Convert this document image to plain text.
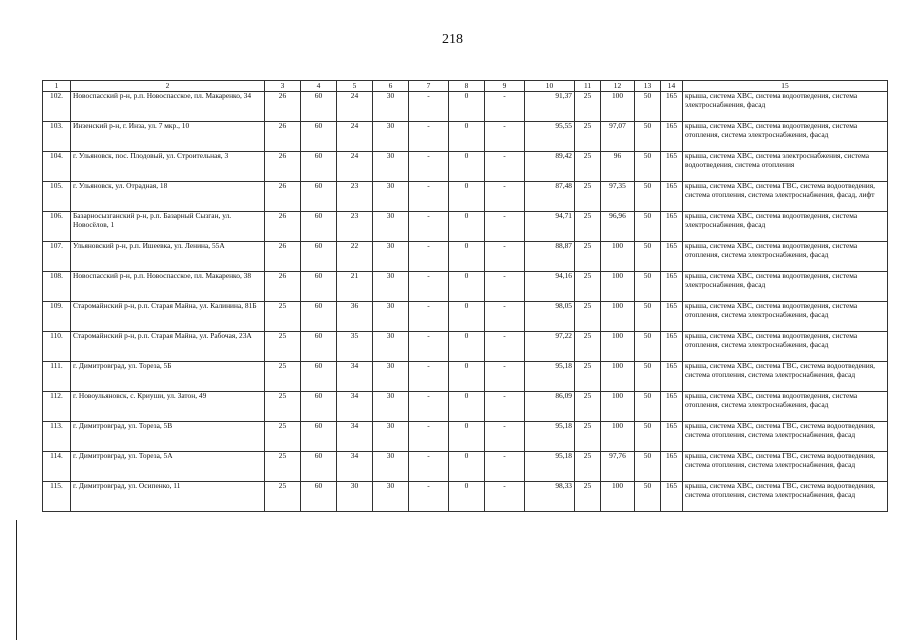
218
1	2	3	4	5	6	7	8	9	10	11	12	13	14	15
102.	Новоспасский р-н, р.п. Новоспасское, пл. Макаренко, 34	26	60	24	30	-	0	-	91,37	25	100	50	165	крыша, система ХВС, система водоотведения, система электроснабжения, фасад
103.	Инзенский р-н, г. Инза, ул. 7 мкр., 10	26	60	24	30	-	0	-	95,55	25	97,07	50	165	крыша, система ХВС, система водоотведения, система отопления, система электроснабжения, фасад
104.	г. Ульяновск, пос. Плодовый, ул. Строительная, 3	26	60	24	30	-	0	-	89,42	25	96	50	165	крыша, система ХВС, система электроснабжения, система водоотведения, система отопления
105.	г. Ульяновск, ул. Отрадная, 18	26	60	23	30	-	0	-	87,48	25	97,35	50	165	крыша, система ХВС, система ГВС, система водоотведения, система отопления, система электроснабжения, фасад, лифт
106.	Базарносызганский р-н, р.п. Базарный Сызган, ул. Новосёлов, 1	26	60	23	30	-	0	-	94,71	25	96,96	50	165	крыша, система ХВС, система водоотведения, система электроснабжения, фасад
107.	Ульяновский р-н, р.п. Ишеевка, ул. Ленина, 55А	26	60	22	30	-	0	-	88,87	25	100	50	165	крыша, система ХВС, система водоотведения, система отопления, система электроснабжения, фасад
108.	Новоспасский р-н, р.п. Новоспасское, пл. Макаренко, 38	26	60	21	30	-	0	-	94,16	25	100	50	165	крыша, система ХВС, система водоотведения, система электроснабжения, фасад
109.	Старомайнский р-н, р.п. Старая Майна, ул. Калинина, 81Б	25	60	36	30	-	0	-	98,05	25	100	50	165	крыша, система ХВС, система водоотведения, система отопления, система электроснабжения, фасад
110.	Старомайнский р-н, р.п. Старая Майна, ул. Рабочая, 23А	25	60	35	30	-	0	-	97,22	25	100	50	165	крыша, система ХВС, система водоотведения, система отопления, система электроснабжения, фасад
111.	г. Димитровград, ул. Тореза, 5Б	25	60	34	30	-	0	-	95,18	25	100	50	165	крыша, система ХВС, система ГВС, система водоотведения, система отопления, система электроснабжения, фасад
112.	г. Новоульяновск, с. Криуши, ул. Затон, 49	25	60	34	30	-	0	-	86,09	25	100	50	165	крыша, система ХВС, система водоотведения, система отопления, система электроснабжения, фасад
113.	г. Димитровград, ул. Тореза, 5В	25	60	34	30	-	0	-	95,18	25	100	50	165	крыша, система ХВС, система ГВС, система водоотведения, система отопления, система электроснабжения, фасад
114.	г. Димитровград, ул. Тореза, 5А	25	60	34	30	-	0	-	95,18	25	97,76	50	165	крыша, система ХВС, система ГВС, система водоотведения, система отопления, система электроснабжения, фасад
115.	г. Димитровград, ул. Осипенко, 11	25	60	30	30	-	0	-	98,33	25	100	50	165	крыша, система ХВС, система ГВС, система водоотведения, система отопления, система электроснабжения, фасад
